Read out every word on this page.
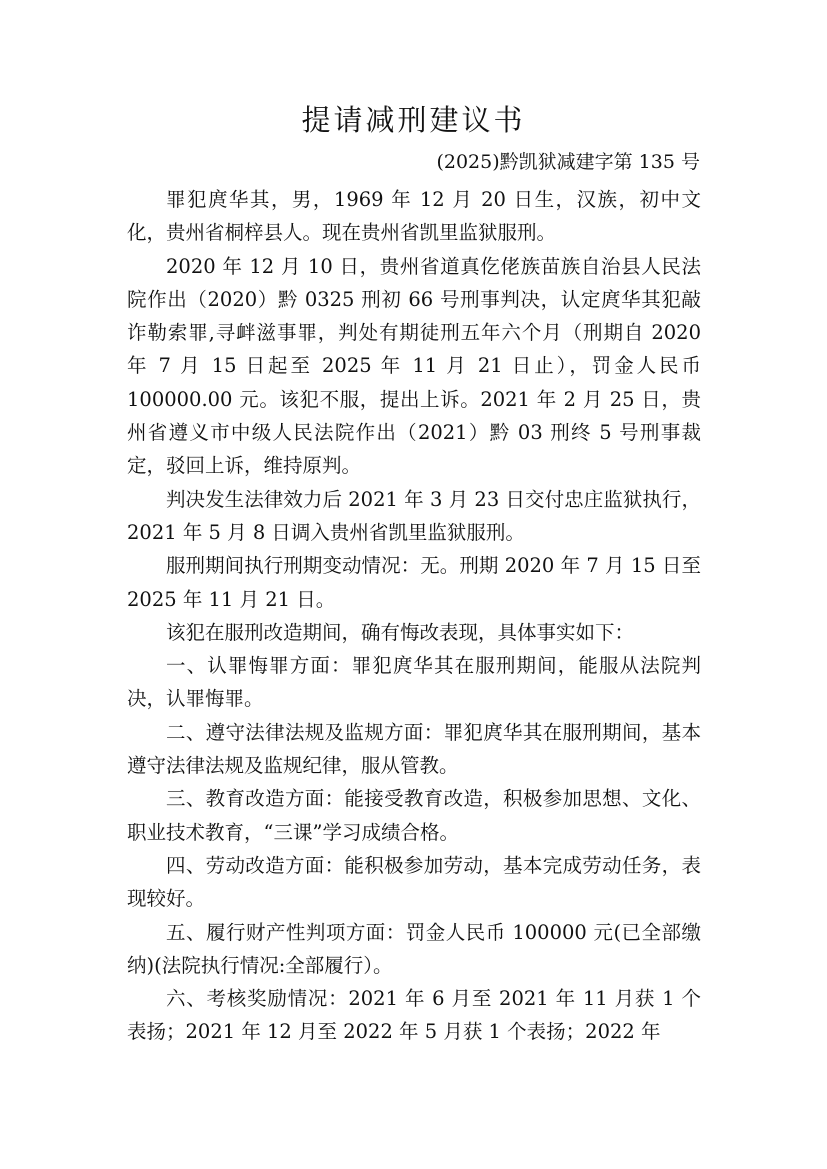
提请减刑建议书
(2025)黔凯狱减建字第 135 号

罪犯庹华其，男，1969 年 12 月 20 日生，汉族，初中文化，贵州省桐梓县人。现在贵州省凯里监狱服刑。

2020 年 12 月 10 日，贵州省道真仡佬族苗族自治县人民法院作出（2020）黔 0325 刑初 66 号刑事判决，认定庹华其犯敲诈勒索罪,寻衅滋事罪，判处有期徒刑五年六个月（刑期自 2020 年 7 月 15 日起至 2025 年 11 月 21 日止），罚金人民币 100000.00 元。该犯不服，提出上诉。2021 年 2 月 25 日，贵州省遵义市中级人民法院作出（2021）黔 03 刑终 5 号刑事裁定，驳回上诉，维持原判。

判决发生法律效力后 2021 年 3 月 23 日交付忠庄监狱执行，2021 年 5 月 8 日调入贵州省凯里监狱服刑。

服刑期间执行刑期变动情况：无。刑期 2020 年 7 月 15 日至 2025 年 11 月 21 日。

该犯在服刑改造期间，确有悔改表现，具体事实如下：

一、认罪悔罪方面：罪犯庹华其在服刑期间，能服从法院判决，认罪悔罪。

二、遵守法律法规及监规方面：罪犯庹华其在服刑期间，基本遵守法律法规及监规纪律，服从管教。

三、教育改造方面：能接受教育改造，积极参加思想、文化、职业技术教育，“三课”学习成绩合格。

四、劳动改造方面：能积极参加劳动，基本完成劳动任务，表现较好。

五、履行财产性判项方面：罚金人民币 100000 元(已全部缴纳)(法院执行情况:全部履行）。

六、考核奖励情况：2021 年 6 月至 2021 年 11 月获 1 个表扬；2021 年 12 月至 2022 年 5 月获 1 个表扬；2022 年
